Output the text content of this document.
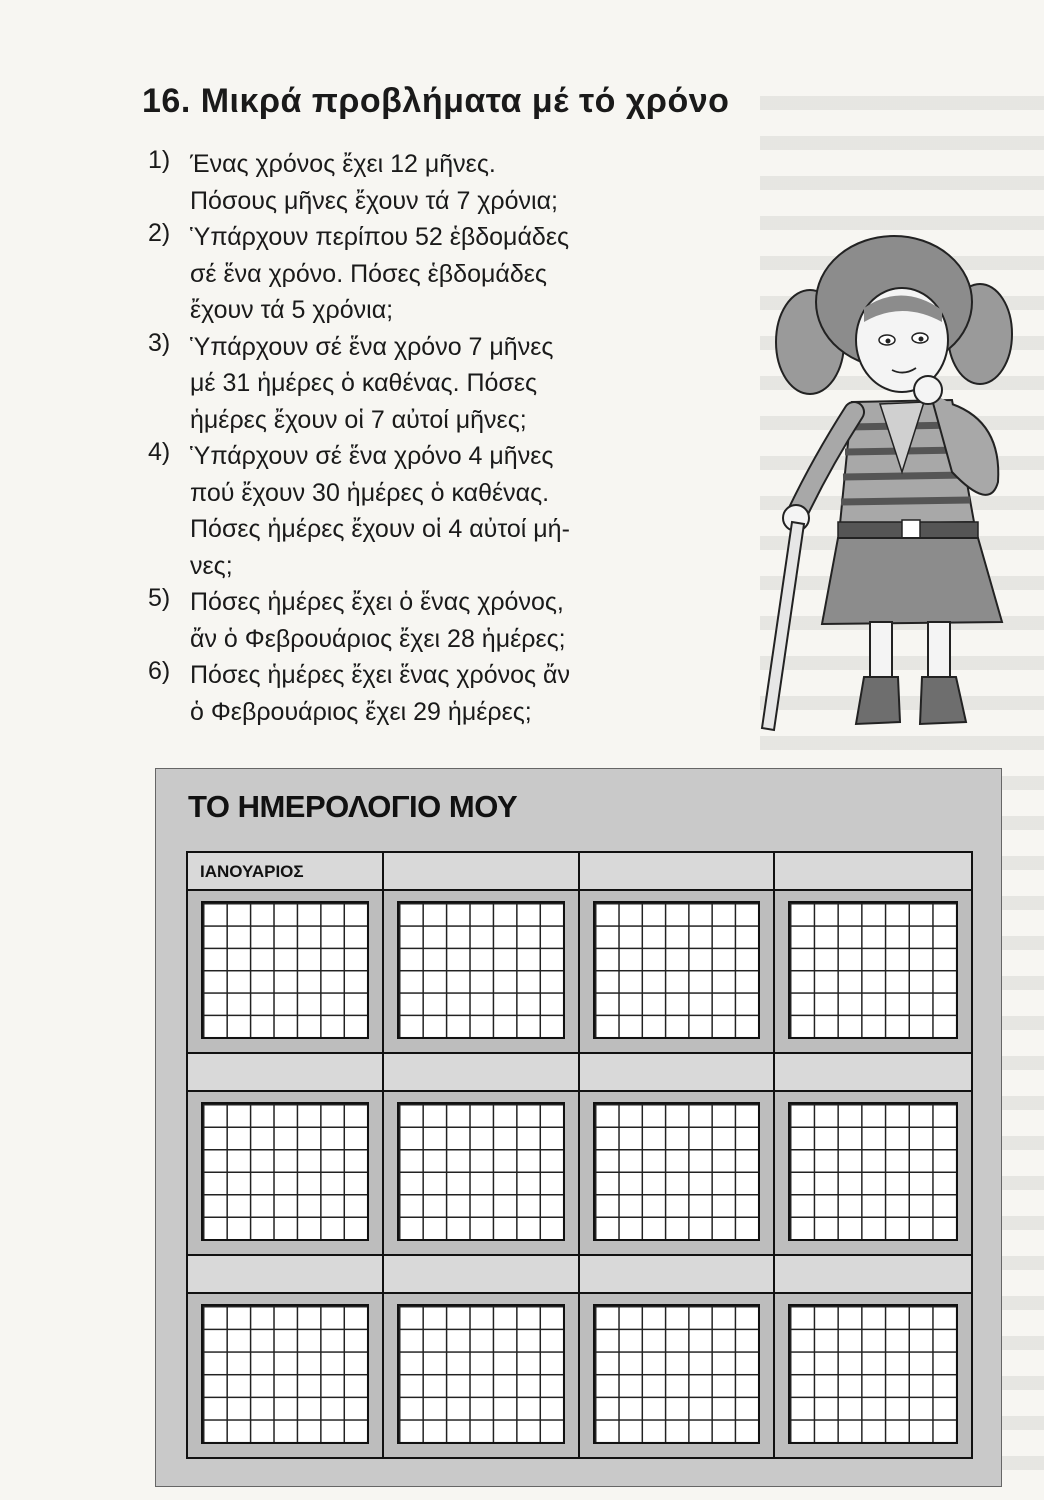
16. Μικρά προβλήματα μέ τό χρόνο
1) Ένας χρόνος ἔχει 12 μῆνες.
Πόσους μῆνες ἔχουν τά 7 χρόνια;
2) Ὑπάρχουν περίπου 52 ἑβδομάδες
σέ ἕνα χρόνο. Πόσες ἑβδομάδες
ἔχουν τά 5 χρόνια;
3) Ὑπάρχουν σέ ἕνα χρόνο 7 μῆνες
μέ 31 ἡμέρες ὁ καθένας. Πόσες
ἡμέρες ἔχουν οἱ 7 αὐτοί μῆνες;
4) Ὑπάρχουν σέ ἕνα χρόνο 4 μῆνες
πού ἔχουν 30 ἡμέρες ὁ καθένας.
Πόσες ἡμέρες ἔχουν οἱ 4 αὐτοί μή-
νες;
5) Πόσες ἡμέρες ἔχει ὁ ἕνας χρόνος,
ἄν ὁ Φεβρουάριος ἔχει 28 ἡμέρες;
6) Πόσες ἡμέρες ἔχει ἕνας χρόνος ἄν
ὁ Φεβρουάριος ἔχει 29 ἡμέρες;
ΤΟ ΗΜΕΡΟΛΟΓΙΟ ΜΟΥ
ΙΑΝΟΥΑΡΙΟΣ
